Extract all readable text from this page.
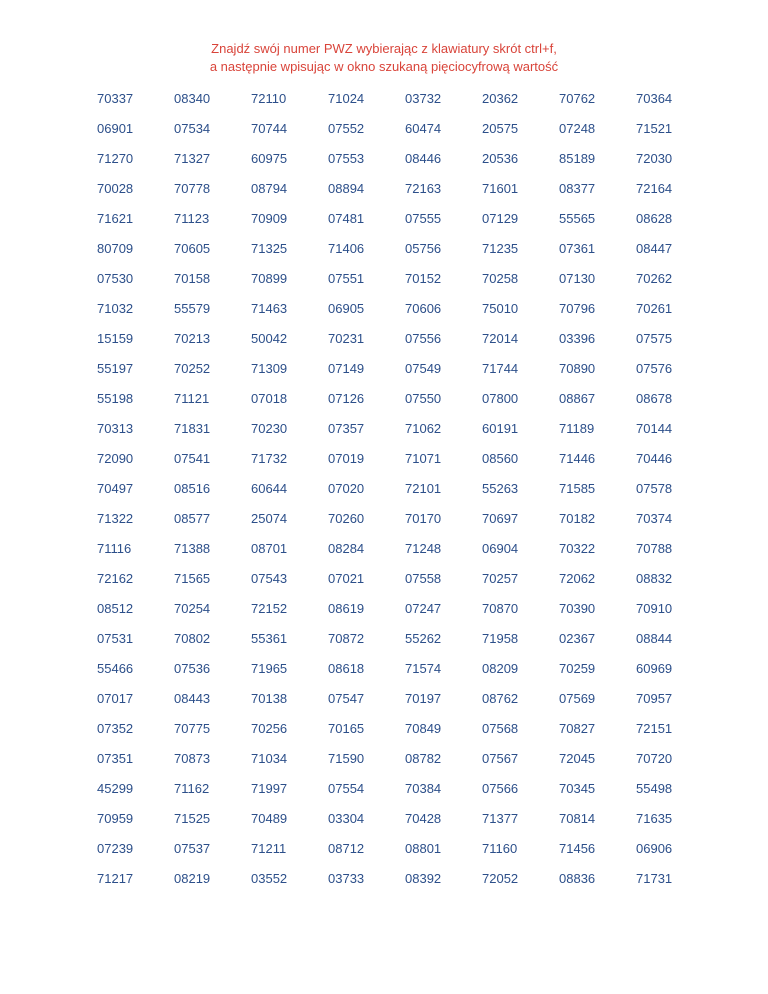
Znajdź swój numer PWZ wybierając z klawiatury skrót ctrl+f,
a następnie wpisując w okno szukaną pięciocyfrową wartość
70337	08340	72110	71024	03732	20362	70762	70364
06901	07534	70744	07552	60474	20575	07248	71521
71270	71327	60975	07553	08446	20536	85189	72030
70028	70778	08794	08894	72163	71601	08377	72164
71621	71123	70909	07481	07555	07129	55565	08628
80709	70605	71325	71406	05756	71235	07361	08447
07530	70158	70899	07551	70152	70258	07130	70262
71032	55579	71463	06905	70606	75010	70796	70261
15159	70213	50042	70231	07556	72014	03396	07575
55197	70252	71309	07149	07549	71744	70890	07576
55198	71121	07018	07126	07550	07800	08867	08678
70313	71831	70230	07357	71062	60191	71189	70144
72090	07541	71732	07019	71071	08560	71446	70446
70497	08516	60644	07020	72101	55263	71585	07578
71322	08577	25074	70260	70170	70697	70182	70374
71116	71388	08701	08284	71248	06904	70322	70788
72162	71565	07543	07021	07558	70257	72062	08832
08512	70254	72152	08619	07247	70870	70390	70910
07531	70802	55361	70872	55262	71958	02367	08844
55466	07536	71965	08618	71574	08209	70259	60969
07017	08443	70138	07547	70197	08762	07569	70957
07352	70775	70256	70165	70849	07568	70827	72151
07351	70873	71034	71590	08782	07567	72045	70720
45299	71162	71997	07554	70384	07566	70345	55498
70959	71525	70489	03304	70428	71377	70814	71635
07239	07537	71211	08712	08801	71160	71456	06906
71217	08219	03552	03733	08392	72052	08836	71731
